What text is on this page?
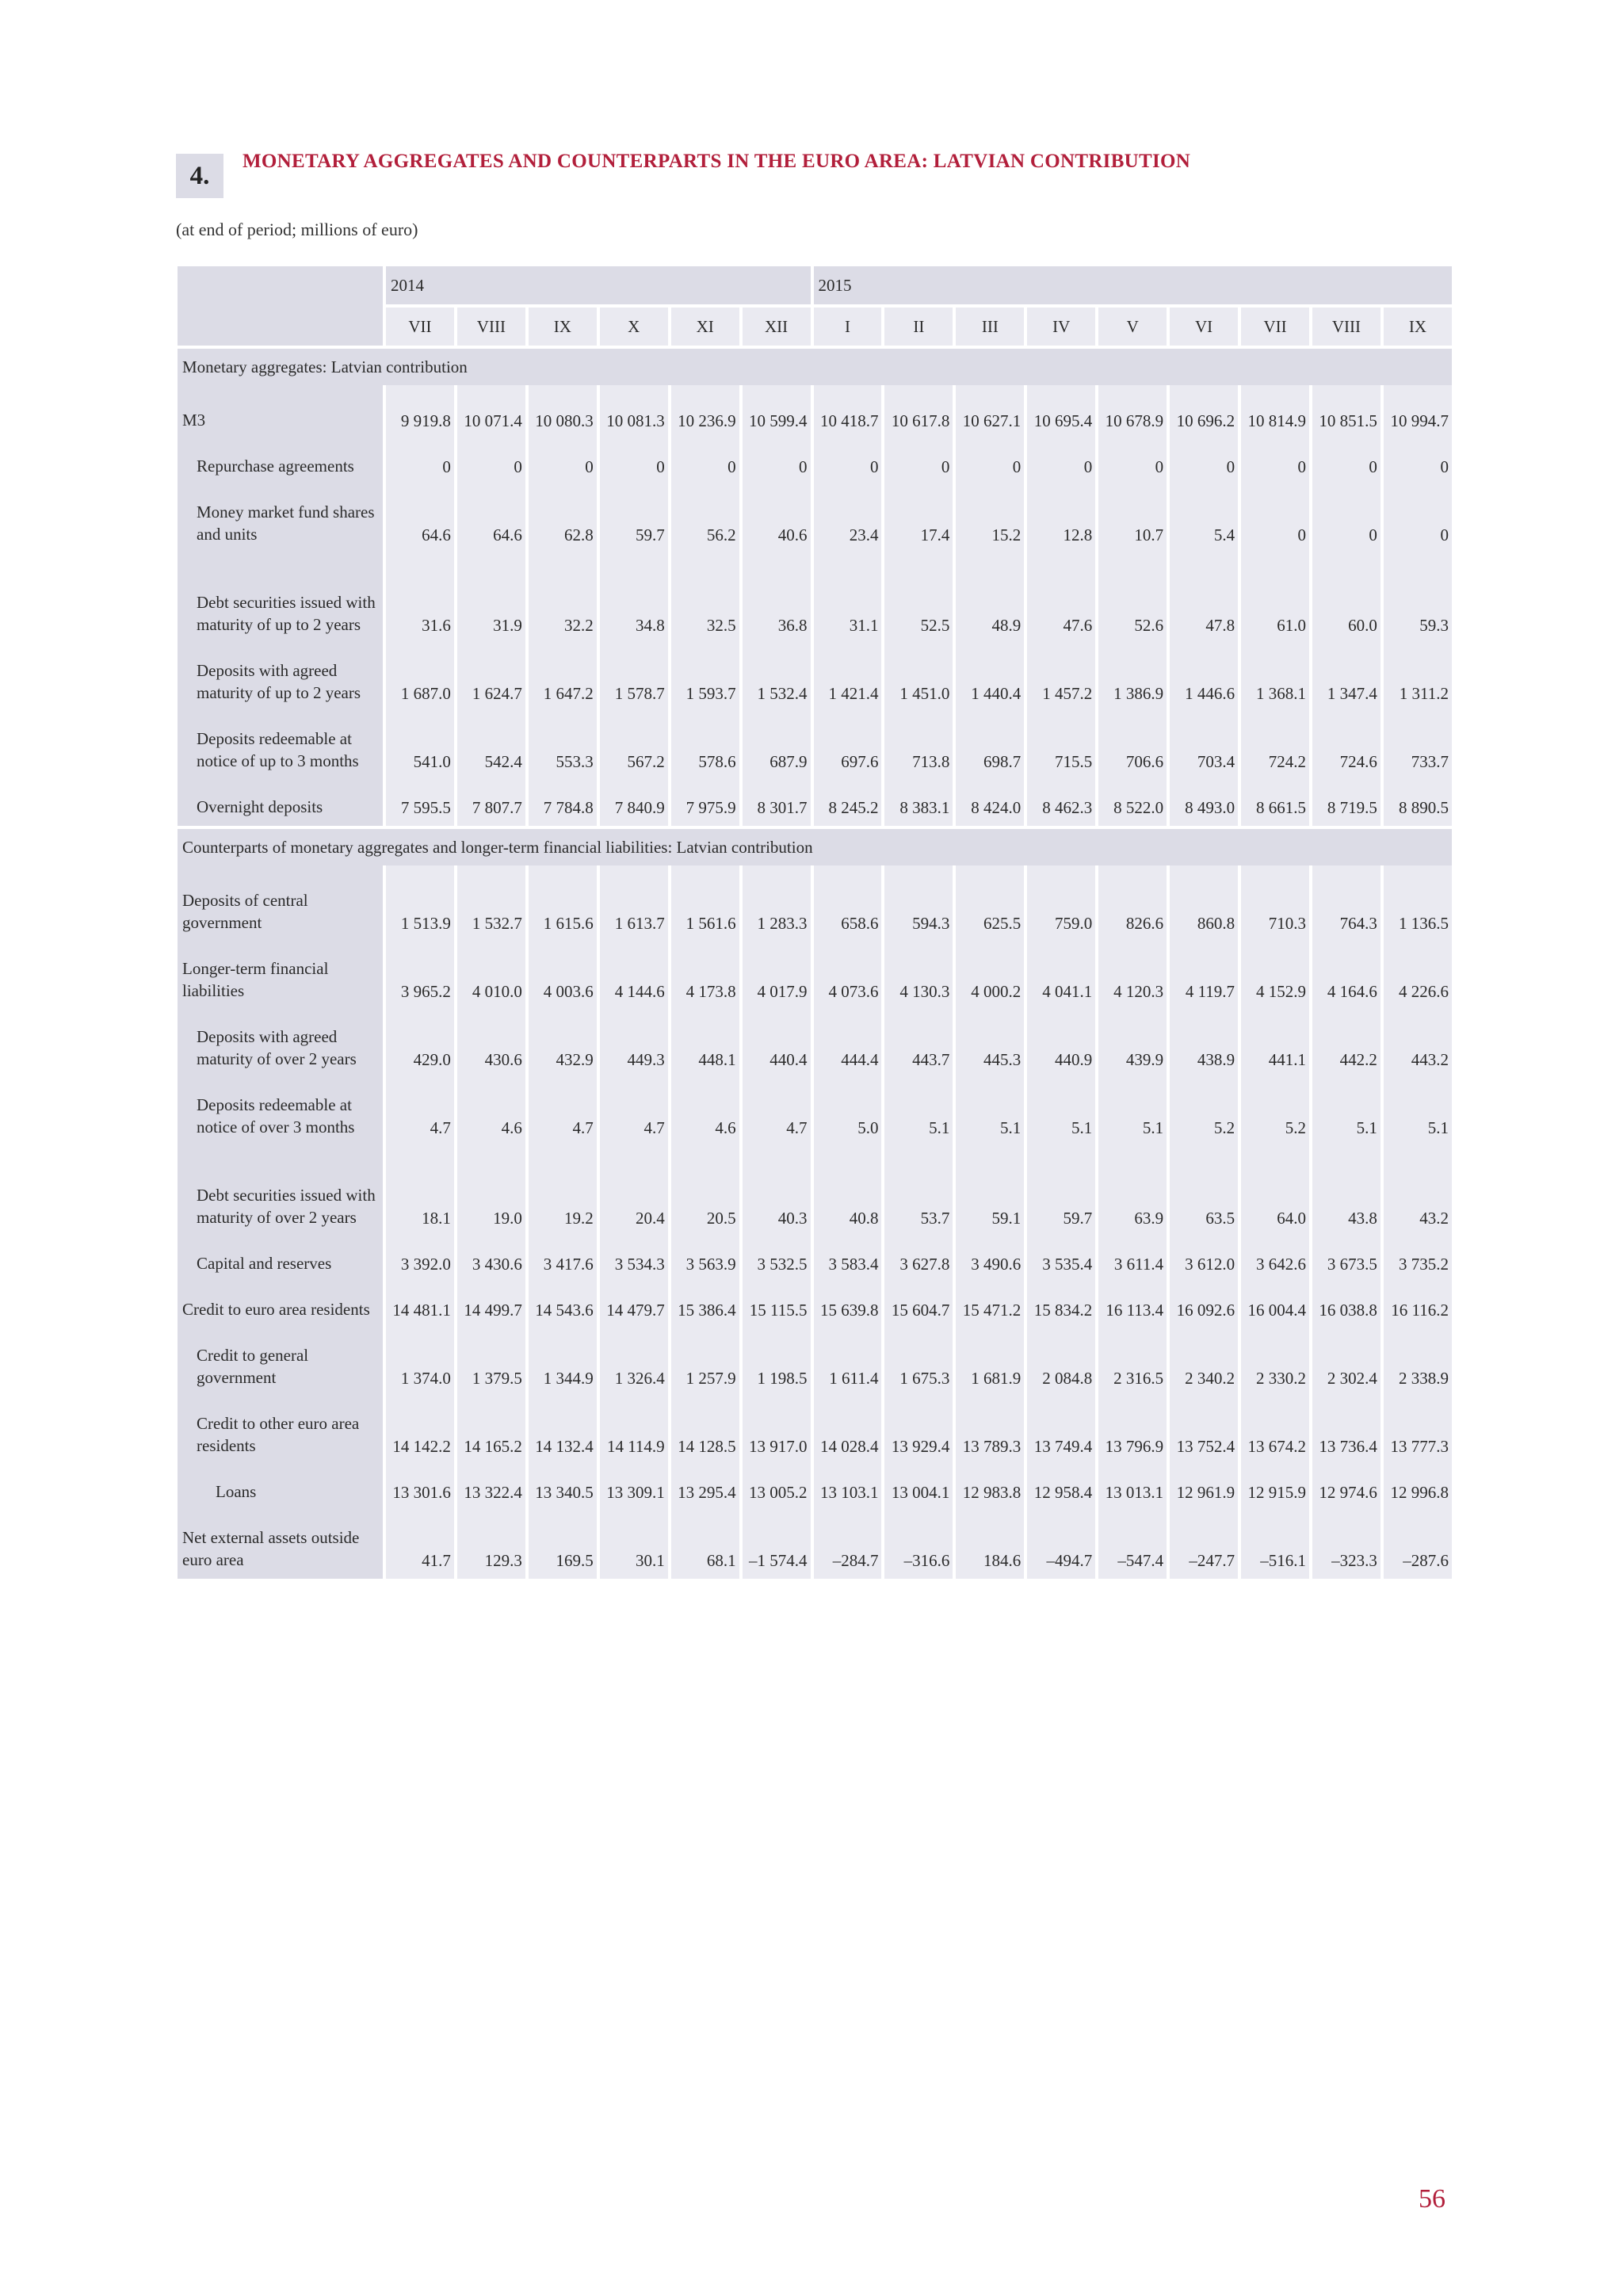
4.	MONETARY AGGREGATES AND COUNTERPARTS IN THE EURO AREA: LATVIAN CONTRIBUTION
(at end of period; millions of euro)
	2014						2015								
	VII	VIII	IX	X	XI	XII	I	II	III	IV	V	VI	VII	VIII	IX
Monetary aggregates: Latvian contribution															

M3	9 919.8	10 071.4	10 080.3	10 081.3	10 236.9	10 599.4	10 418.7	10 617.8	10 627.1	10 695.4	10 678.9	10 696.2	10 814.9	10 851.5	10 994.7

Repurchase agreements	0	0	0	0	0	0	0	0	0	0	0	0	0	0	0

Money market fund shares and units	64.6	64.6	62.8	59.7	56.2	40.6	23.4	17.4	15.2	12.8	10.7	5.4	0	0	0

Debt securities issued with maturity of up to 2 years	31.6	31.9	32.2	34.8	32.5	36.8	31.1	52.5	48.9	47.6	52.6	47.8	61.0	60.0	59.3

Deposits with agreed maturity of up to 2 years	1 687.0	1 624.7	1 647.2	1 578.7	1 593.7	1 532.4	1 421.4	1 451.0	1 440.4	1 457.2	1 386.9	1 446.6	1 368.1	1 347.4	1 311.2

Deposits redeemable at notice of up to 3 months	541.0	542.4	553.3	567.2	578.6	687.9	697.6	713.8	698.7	715.5	706.6	703.4	724.2	724.6	733.7

Overnight deposits	7 595.5	7 807.7	7 784.8	7 840.9	7 975.9	8 301.7	8 245.2	8 383.1	8 424.0	8 462.3	8 522.0	8 493.0	8 661.5	8 719.5	8 890.5
Counterparts of monetary aggregates and longer-term financial liabilities: Latvian contribution															

Deposits of central government	1 513.9	1 532.7	1 615.6	1 613.7	1 561.6	1 283.3	658.6	594.3	625.5	759.0	826.6	860.8	710.3	764.3	1 136.5

Longer-term financial liabilities	3 965.2	4 010.0	4 003.6	4 144.6	4 173.8	4 017.9	4 073.6	4 130.3	4 000.2	4 041.1	4 120.3	4 119.7	4 152.9	4 164.6	4 226.6

Deposits with agreed maturity of over 2 years	429.0	430.6	432.9	449.3	448.1	440.4	444.4	443.7	445.3	440.9	439.9	438.9	441.1	442.2	443.2

Deposits redeemable at notice of over 3 months	4.7	4.6	4.7	4.7	4.6	4.7	5.0	5.1	5.1	5.1	5.1	5.2	5.2	5.1	5.1

Debt securities issued with maturity of over 2 years	18.1	19.0	19.2	20.4	20.5	40.3	40.8	53.7	59.1	59.7	63.9	63.5	64.0	43.8	43.2

Capital and reserves	3 392.0	3 430.6	3 417.6	3 534.3	3 563.9	3 532.5	3 583.4	3 627.8	3 490.6	3 535.4	3 611.4	3 612.0	3 642.6	3 673.5	3 735.2

Credit to euro area residents	14 481.1	14 499.7	14 543.6	14 479.7	15 386.4	15 115.5	15 639.8	15 604.7	15 471.2	15 834.2	16 113.4	16 092.6	16 004.4	16 038.8	16 116.2

Credit to general government	1 374.0	1 379.5	1 344.9	1 326.4	1 257.9	1 198.5	1 611.4	1 675.3	1 681.9	2 084.8	2 316.5	2 340.2	2 330.2	2 302.4	2 338.9

Credit to other euro area residents	14 142.2	14 165.2	14 132.4	14 114.9	14 128.5	13 917.0	14 028.4	13 929.4	13 789.3	13 749.4	13 796.9	13 752.4	13 674.2	13 736.4	13 777.3

Loans	13 301.6	13 322.4	13 340.5	13 309.1	13 295.4	13 005.2	13 103.1	13 004.1	12 983.8	12 958.4	13 013.1	12 961.9	12 915.9	12 974.6	12 996.8

Net external assets outside euro area	41.7	129.3	169.5	30.1	68.1	–1 574.4	–284.7	–316.6	184.6	–494.7	–547.4	–247.7	–516.1	–323.3	–287.6
56
